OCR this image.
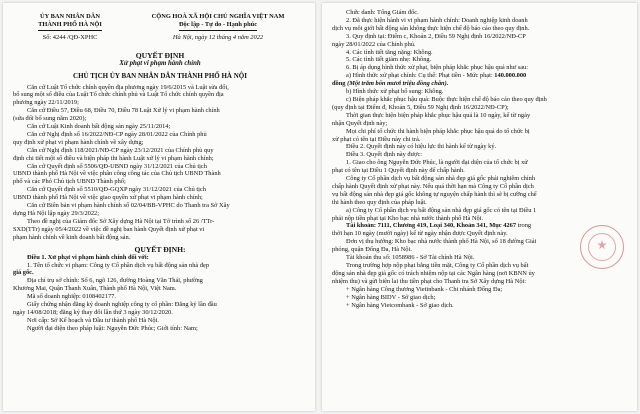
ỦY BAN NHÂN DÂN
THÀNH PHỐ HÀ NỘI
Số: 4244 /QĐ-XPHC
CỘNG HOÀ XÃ HỘI CHỦ NGHĨA VIỆT NAM
Độc lập - Tự do - Hạnh phúc
Hà Nội, ngày 12 tháng 4 năm 2022
QUYẾT ĐỊNH
Xử phạt vi phạm hành chính
CHỦ TỊCH ỦY BAN NHÂN DÂN THÀNH PHỐ HÀ NỘI
Căn cứ Luật Tổ chức chính quyền địa phương ngày 19/6/2015 và Luật sửa đổi,
bổ sung một số điều của Luật Tổ chức chính phủ và Luật Tổ chức chính quyền địa
phương ngày 22/11/2019;
Căn cứ Điều 57, Điều 68, Điều 70, Điều 78 Luật Xử lý vi phạm hành chính
(sửa đổi bổ sung năm 2020);
Căn cứ Luật Kinh doanh bất động sản ngày 25/11/2014;
Căn cứ Nghị định số 16/2022/NĐ-CP ngày 28/01/2022 của Chính phủ
quy định xử phạt vi phạm hành chính về xây dựng;
Căn cứ Nghị định 118/2021/NĐ-CP ngày 23/12/2021 của Chính phủ quy
định chi tiết một số điều và biện pháp thi hành Luật xử lý vi phạm hành chính;
Căn cứ Quyết định số 5506/QĐ-UBND ngày 31/12/2021 của Chủ tịch
UBND thành phố Hà Nội về việc phân công công tác của Chủ tịch UBND Thành
phố và các Phó Chủ tịch UBND Thành phố;
Căn cứ Quyết định số 5510/QĐ-GQXP ngày 31/12/2021 của Chủ tịch
UBND thành phố Hà Nội về việc giao quyền xử phạt vi phạm hành chính;
Căn cứ Biên bản vi phạm hành chính số 02/04/BB-VPHC do Thanh tra Sở Xây
dựng Hà Nội lập ngày 29/3/2022;
Theo đề nghị của Giám đốc Sở Xây dựng Hà Nội tại Tờ trình số 26 /TTr-
SXD(TTr) ngày 05/4/2022 về việc đề nghị ban hành Quyết định xử phạt vi
phạm hành chính về kinh doanh bất động sản.
QUYẾT ĐỊNH:
Điều 1. Xử phạt vi phạm hành chính đối với:
1. Tên tổ chức vi phạm: Công ty Cổ phần dịch vụ bất động sản nhà đẹp
giá gốc.
Địa chỉ trụ sở chính: Số 6, ngõ 126, đường Hoàng Văn Thái, phường
Khương Mai, Quận Thanh Xuân, Thành phố Hà Nội, Việt Nam.
Mã số doanh nghiệp: 0108402177.
Giấy chứng nhận đăng ký doanh nghiệp công ty cổ phần: Đăng ký lần đầu
ngày 14/08/2018; đăng ký thay đổi lần thứ 3 ngày 30/12/2020.
Nơi cấp: Sở Kế hoạch và Đầu tư thành phố Hà Nội.
Người đại diện theo pháp luật: Nguyễn Đức Phúc; Giới tính: Nam;
Chức danh: Tổng Giám đốc.
2. Đã thực hiện hành vi vi phạm hành chính: Doanh nghiệp kinh doanh
dịch vụ môi giới bất động sản không thực hiện chế độ báo cáo theo quy định.
3. Quy định tại: Điểm c, Khoản 2, Điều 59 Nghị định 16/2022/NĐ-CP
ngày 28/01/2022 của Chính phủ.
4. Các tình tiết tăng nặng: Không.
5. Các tình tiết giảm nhẹ: Không.
6. Bị áp dụng hình thức xử phạt, biện pháp khắc phục hậu quả như sau:
a) Hình thức xử phạt chính: Cụ thể: Phạt tiền - Mức phạt: 140.000.000
đồng (Một trăm bốn mươi triệu đồng chẵn).
b) Hình thức xử phạt bổ sung: Không.
c) Biện pháp khắc phục hậu quả: Buộc thực hiện chế độ báo cáo theo quy định
(quy định tại Điểm đ, Khoản 5, Điều 59 Nghị định 16/2022/NĐ-CP);
Thời gian thực hiện biện pháp khắc phục hậu quả là 10 ngày, kể từ ngày
nhận Quyết định này;
Mọi chi phí tổ chức thi hành biện pháp khắc phục hậu quả do tổ chức bị
xử phạt có tên tại Điều này chi trả.
Điều 2. Quyết định này có hiệu lực thi hành kể từ ngày ký.
Điều 3. Quyết định này được:
1. Giao cho ông Nguyễn Đức Phúc, là người đại diện của tổ chức bị xử
phạt có tên tại Điều 1 Quyết định này để chấp hành.
Công ty Cổ phần dịch vụ bất động sản nhà đẹp giá gốc phải nghiêm chỉnh
chấp hành Quyết định xử phạt này. Nếu quá thời hạn mà Công ty Cổ phần dịch
vụ bất động sản nhà đẹp giá gốc không tự nguyện chấp hành thì sẽ bị cưỡng chế
thi hành theo quy định của pháp luật.
a) Công ty Cổ phần dịch vụ bất động sản nhà đẹp giá gốc có tên tại Điều 1
phải nộp tiền phạt tại Kho bạc nhà nước thành phố Hà Nội.
Tài khoản: 7111, Chương 419, Loại 340, Khoản 341, Mục 4267 trong
thời hạn 10 ngày (mười ngày) kể từ ngày nhận được Quyết định này.
Đơn vị thụ hưởng: Kho bạc nhà nước thành phố Hà Nội, số 18 đường Giải
phóng, quận Đống Đa, Hà Nội.
Tài khoản thu số: 1058986 - Sở Tài chính Hà Nội.
Trong trường hợp nộp phạt bằng tiền mặt, Công ty Cổ phần dịch vụ bất
động sản nhà đẹp giá gốc có trách nhiệm nộp tại các Ngân hàng (nơi KBNN ủy
nhiệm thu) và gửi biên lai thu tiền phạt cho Thanh tra Sở Xây dựng Hà Nội:
+ Ngân hàng Công thương Vietinbank - Chi nhánh Đống Đa;
+ Ngân hàng BIDV - Sở giao dịch;
+ Ngân hàng Vietcombank - Sở giao dịch.
